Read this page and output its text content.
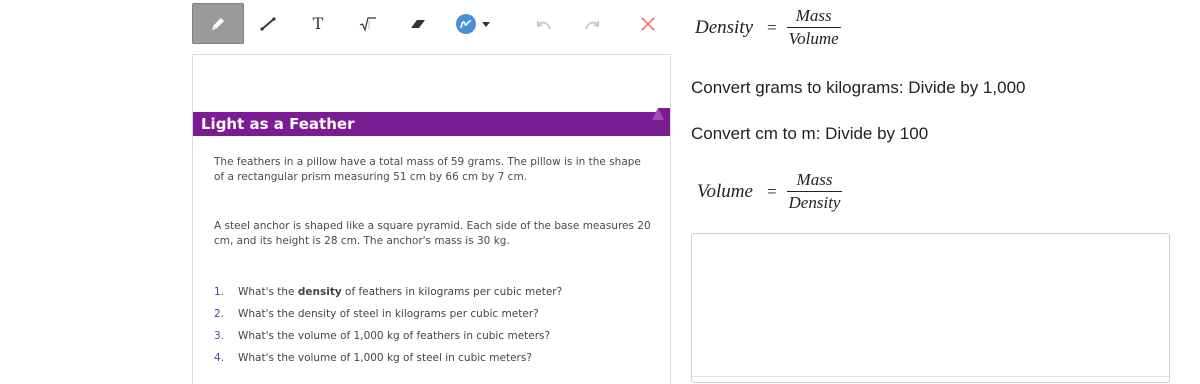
T
Light as a Feather
The feathers in a pillow have a total mass of 59 grams. The pillow is in the shape of a rectangular prism measuring 51 cm by 66 cm by 7 cm.
A steel anchor is shaped like a square pyramid. Each side of the base measures 20 cm, and its height is 28 cm. The anchor's mass is 30 kg.
1.	What's the density of feathers in kilograms per cubic meter?
2.	What's the density of steel in kilograms per cubic meter?
3.	What's the volume of 1,000 kg of feathers in cubic meters?
4.	What's the volume of 1,000 kg of steel in cubic meters?
Density = $\frac{\text{Mass}}{\text{Volume}}$
Convert grams to kilograms: Divide by 1,000
Convert cm to m: Divide by 100
Volume = $\frac{\text{Mass}}{\text{Density}}$
